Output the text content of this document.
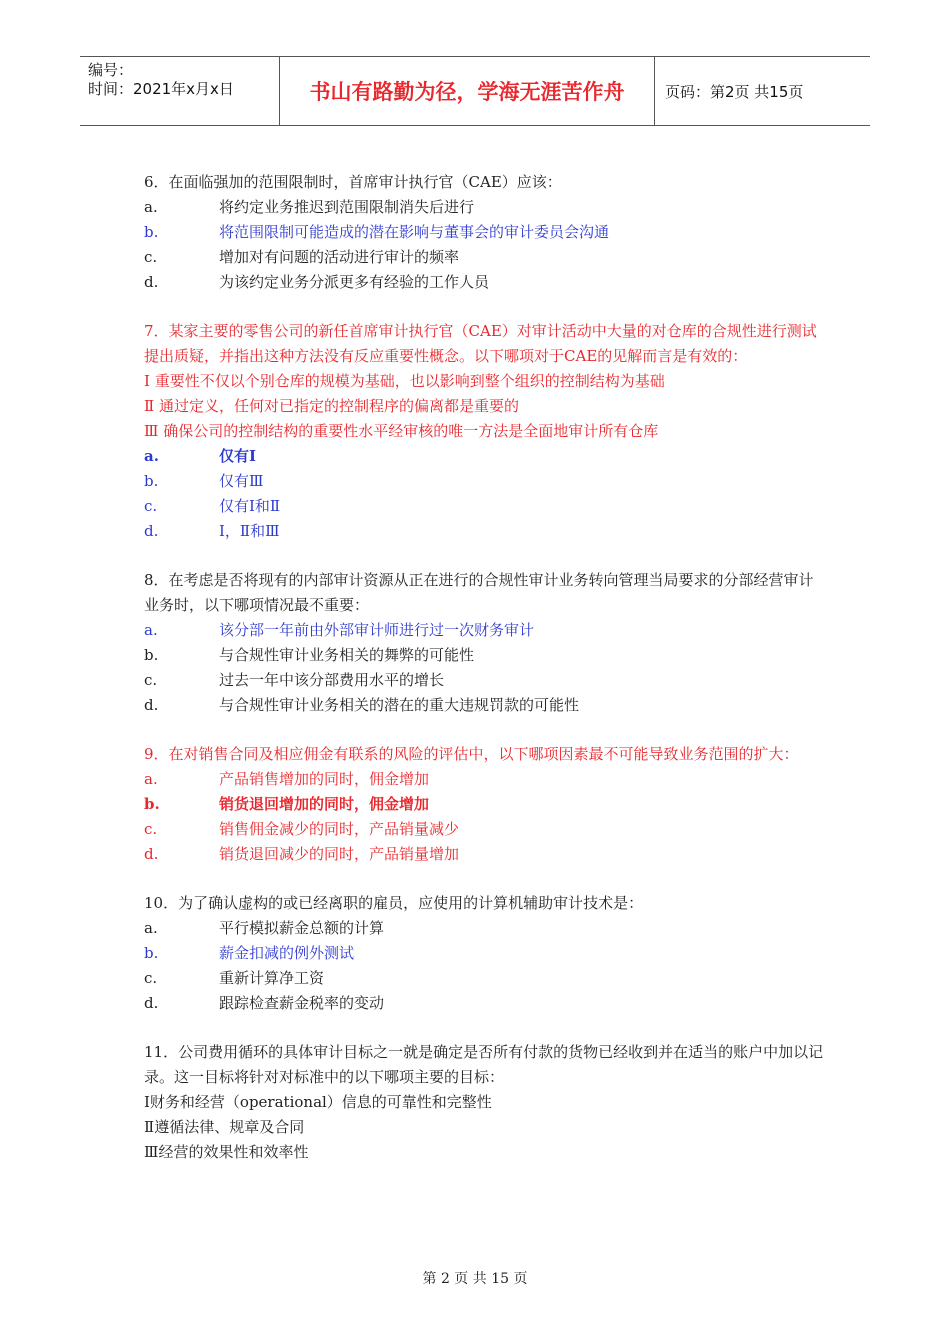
编号：
时间：2021年x月x日	书山有路勤为径，学海无涯苦作舟	页码：第2页 共15页

6．在面临强加的范围限制时，首席审计执行官（CAE）应该：

a.	将约定业务推迟到范围限制消失后进行
b.	将范围限制可能造成的潜在影响与董事会的审计委员会沟通
c.	增加对有问题的活动进行审计的频率
d.	为该约定业务分派更多有经验的工作人员

7．某家主要的零售公司的新任首席审计执行官（CAE）对审计活动中大量的对仓库的合规性进行测试提出质疑，并指出这种方法没有反应重要性概念。以下哪项对于CAE的见解而言是有效的：

Ⅰ 重要性不仅以个别仓库的规模为基础，也以影响到整个组织的控制结构为基础

Ⅱ 通过定义，任何对已指定的控制程序的偏离都是重要的

Ⅲ 确保公司的控制结构的重要性水平经审核的唯一方法是全面地审计所有仓库

a.	仅有Ⅰ
b.	仅有Ⅲ
c.	仅有Ⅰ和Ⅱ
d.	Ⅰ，Ⅱ和Ⅲ

8．在考虑是否将现有的内部审计资源从正在进行的合规性审计业务转向管理当局要求的分部经营审计业务时，以下哪项情况最不重要：

a.	该分部一年前由外部审计师进行过一次财务审计
b.	与合规性审计业务相关的舞弊的可能性
c.	过去一年中该分部费用水平的增长
d.	与合规性审计业务相关的潜在的重大违规罚款的可能性

9．在对销售合同及相应佣金有联系的风险的评估中，以下哪项因素最不可能导致业务范围的扩大：

a.	产品销售增加的同时，佣金增加
b.	销货退回增加的同时，佣金增加
c.	销售佣金减少的同时，产品销量减少
d.	销货退回减少的同时，产品销量增加

10．为了确认虚构的或已经离职的雇员，应使用的计算机辅助审计技术是：

a.	平行模拟薪金总额的计算
b.	薪金扣减的例外测试
c.	重新计算净工资
d.	跟踪检查薪金税率的变动

11．公司费用循环的具体审计目标之一就是确定是否所有付款的货物已经收到并在适当的账户中加以记录。这一目标将针对对标准中的以下哪项主要的目标：

Ⅰ财务和经营（operational）信息的可靠性和完整性

Ⅱ遵循法律、规章及合同

Ⅲ经营的效果性和效率性

第 2 页 共 15 页
